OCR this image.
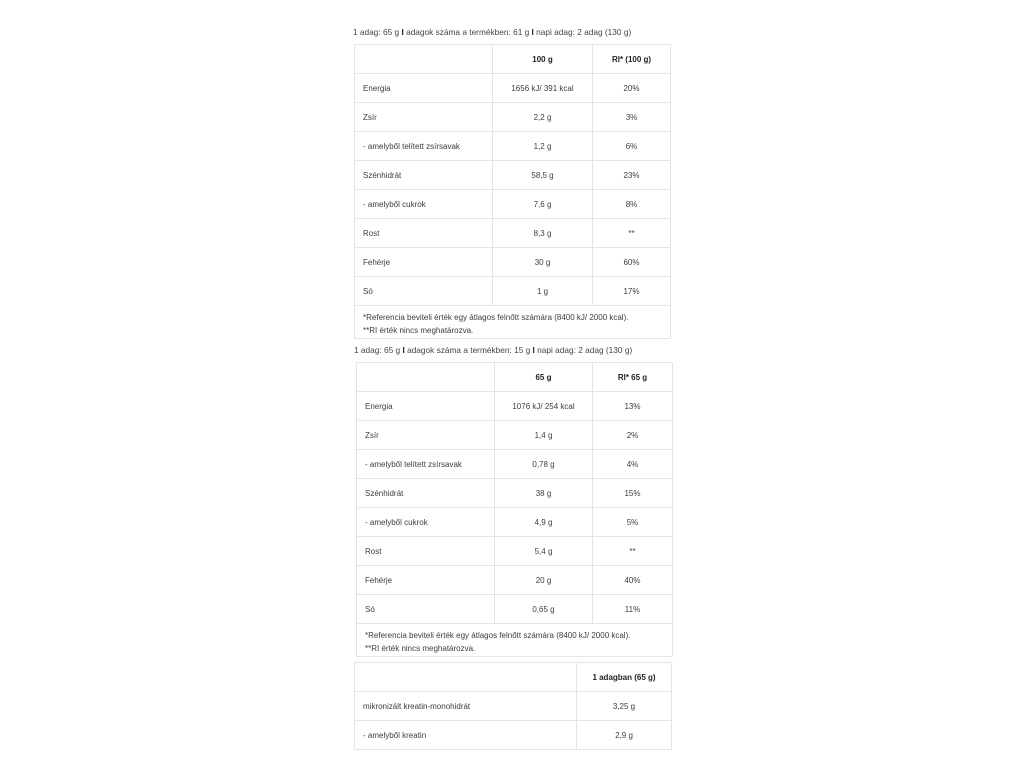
1 adag: 65 g I adagok száma a termékben: 61 g I napi adag: 2 adag (130 g)
	100 g	RI* (100 g)
Energia	1656 kJ/ 391 kcal	20%
Zsír	2,2 g	3%
- amelyből telített zsírsavak	1,2 g	6%
Szénhidrát	58,5 g	23%
- amelyből cukrok	7,6 g	8%
Rost	8,3 g	**
Fehérje	30 g	60%
Só	1 g	17%

*Referencia beviteli érték egy átlagos felnőtt számára (8400 kJ/ 2000 kcal).
**RI érték nincs meghatározva.		
1 adag: 65 g I adagok száma a termékben: 15 g I napi adag: 2 adag (130 g)
	65 g	RI* 65 g
Energia	1076 kJ/ 254 kcal	13%
Zsír	1,4 g	2%
- amelyből telített zsírsavak	0,78 g	4%
Szénhidrát	38 g	15%
- amelyből cukrok	4,9 g	5%
Rost	5,4 g	**
Fehérje	20 g	40%
Só	0,65 g	11%

*Referencia beviteli érték egy átlagos felnőtt számára (8400 kJ/ 2000 kcal).
**RI érték nincs meghatározva.		
	1 adagban (65 g)
mikronizált kreatin-monohidrát	3,25 g
- amelyből kreatin	2,9 g
